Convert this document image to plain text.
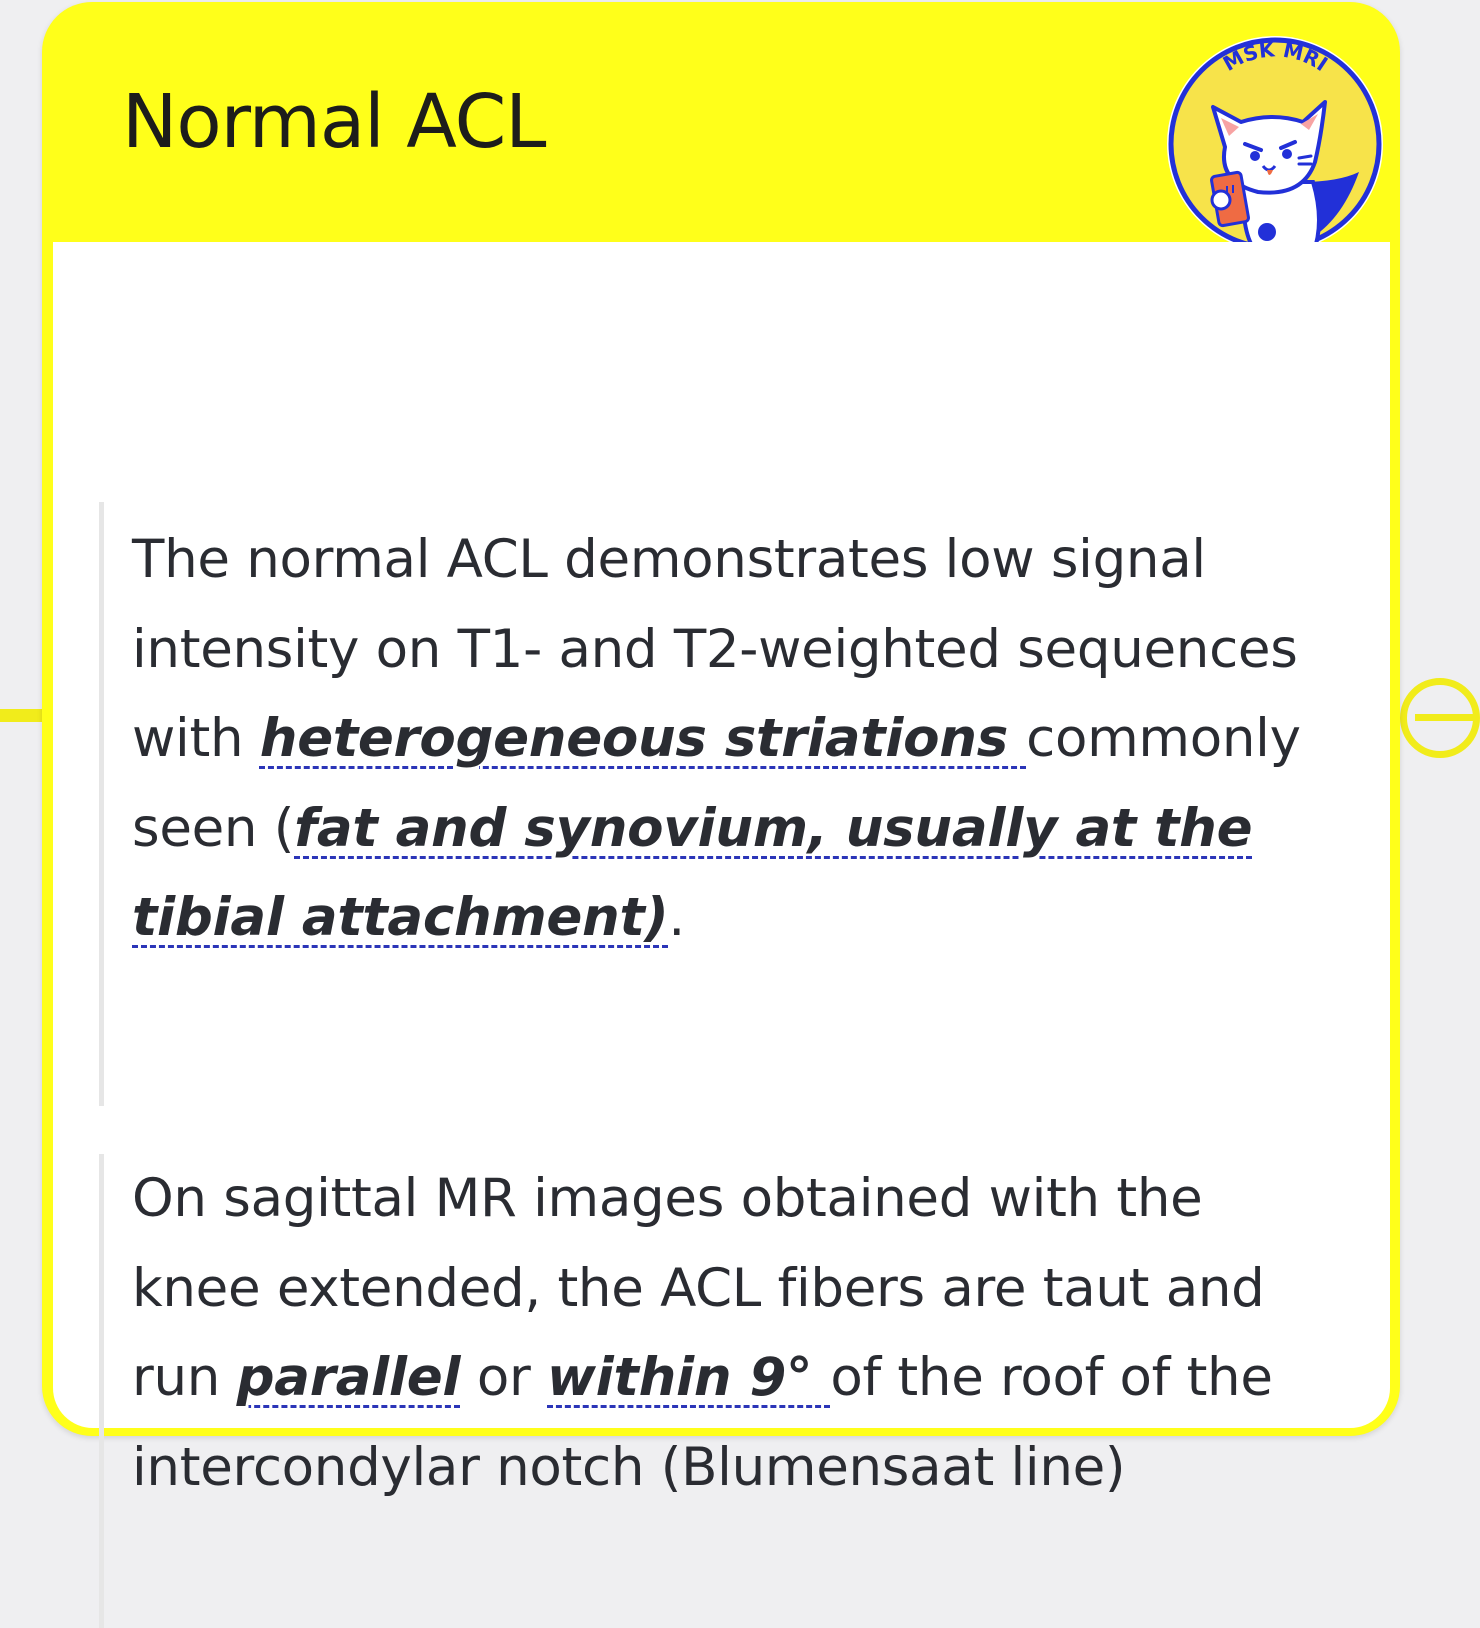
Normal ACL
MSK MRI
The normal ACL demonstrates low signal intensity on T1- and T2-weighted sequences with heterogeneous striations commonly seen (fat and synovium, usually at the tibial attachment).
On sagittal MR images obtained with the knee extended, the ACL fibers are taut and run parallel or within 9° of the roof of the intercondylar notch (Blumensaat line)
